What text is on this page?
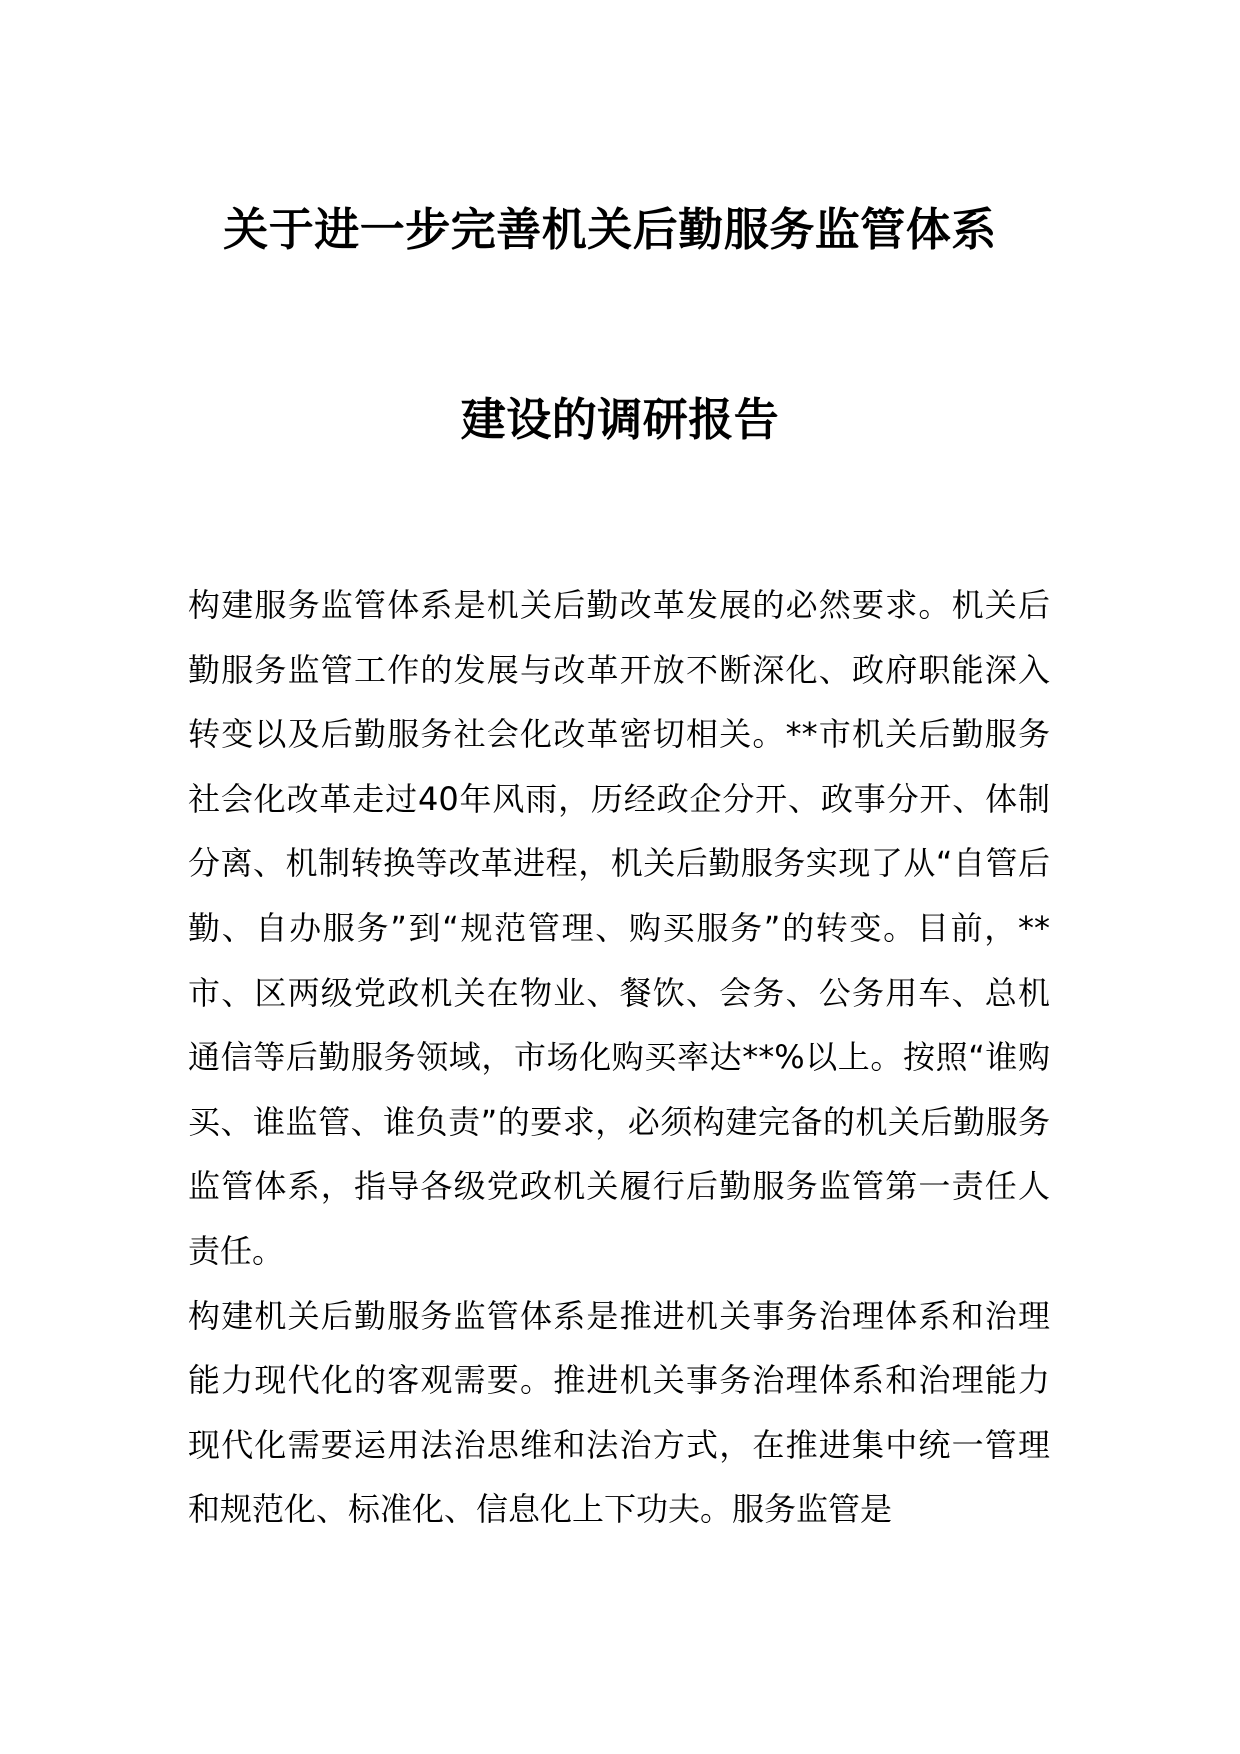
关于进一步完善机关后勤服务监管体系
建设的调研报告

构建服务监管体系是机关后勤改革发展的必然要求。机关后勤服务监管工作的发展与改革开放不断深化、政府职能深入转变以及后勤服务社会化改革密切相关。**市机关后勤服务社会化改革走过40年风雨，历经政企分开、政事分开、体制分离、机制转换等改革进程，机关后勤服务实现了从“自管后勤、自办服务”到“规范管理、购买服务”的转变。目前，**市、区两级党政机关在物业、餐饮、会务、公务用车、总机通信等后勤服务领域，市场化购买率达**%以上。按照“谁购买、谁监管、谁负责”的要求，必须构建完备的机关后勤服务监管体系，指导各级党政机关履行后勤服务监管第一责任人责任。

构建机关后勤服务监管体系是推进机关事务治理体系和治理能力现代化的客观需要。推进机关事务治理体系和治理能力现代化需要运用法治思维和法治方式，在推进集中统一管理和规范化、标准化、信息化上下功夫。服务监管是
